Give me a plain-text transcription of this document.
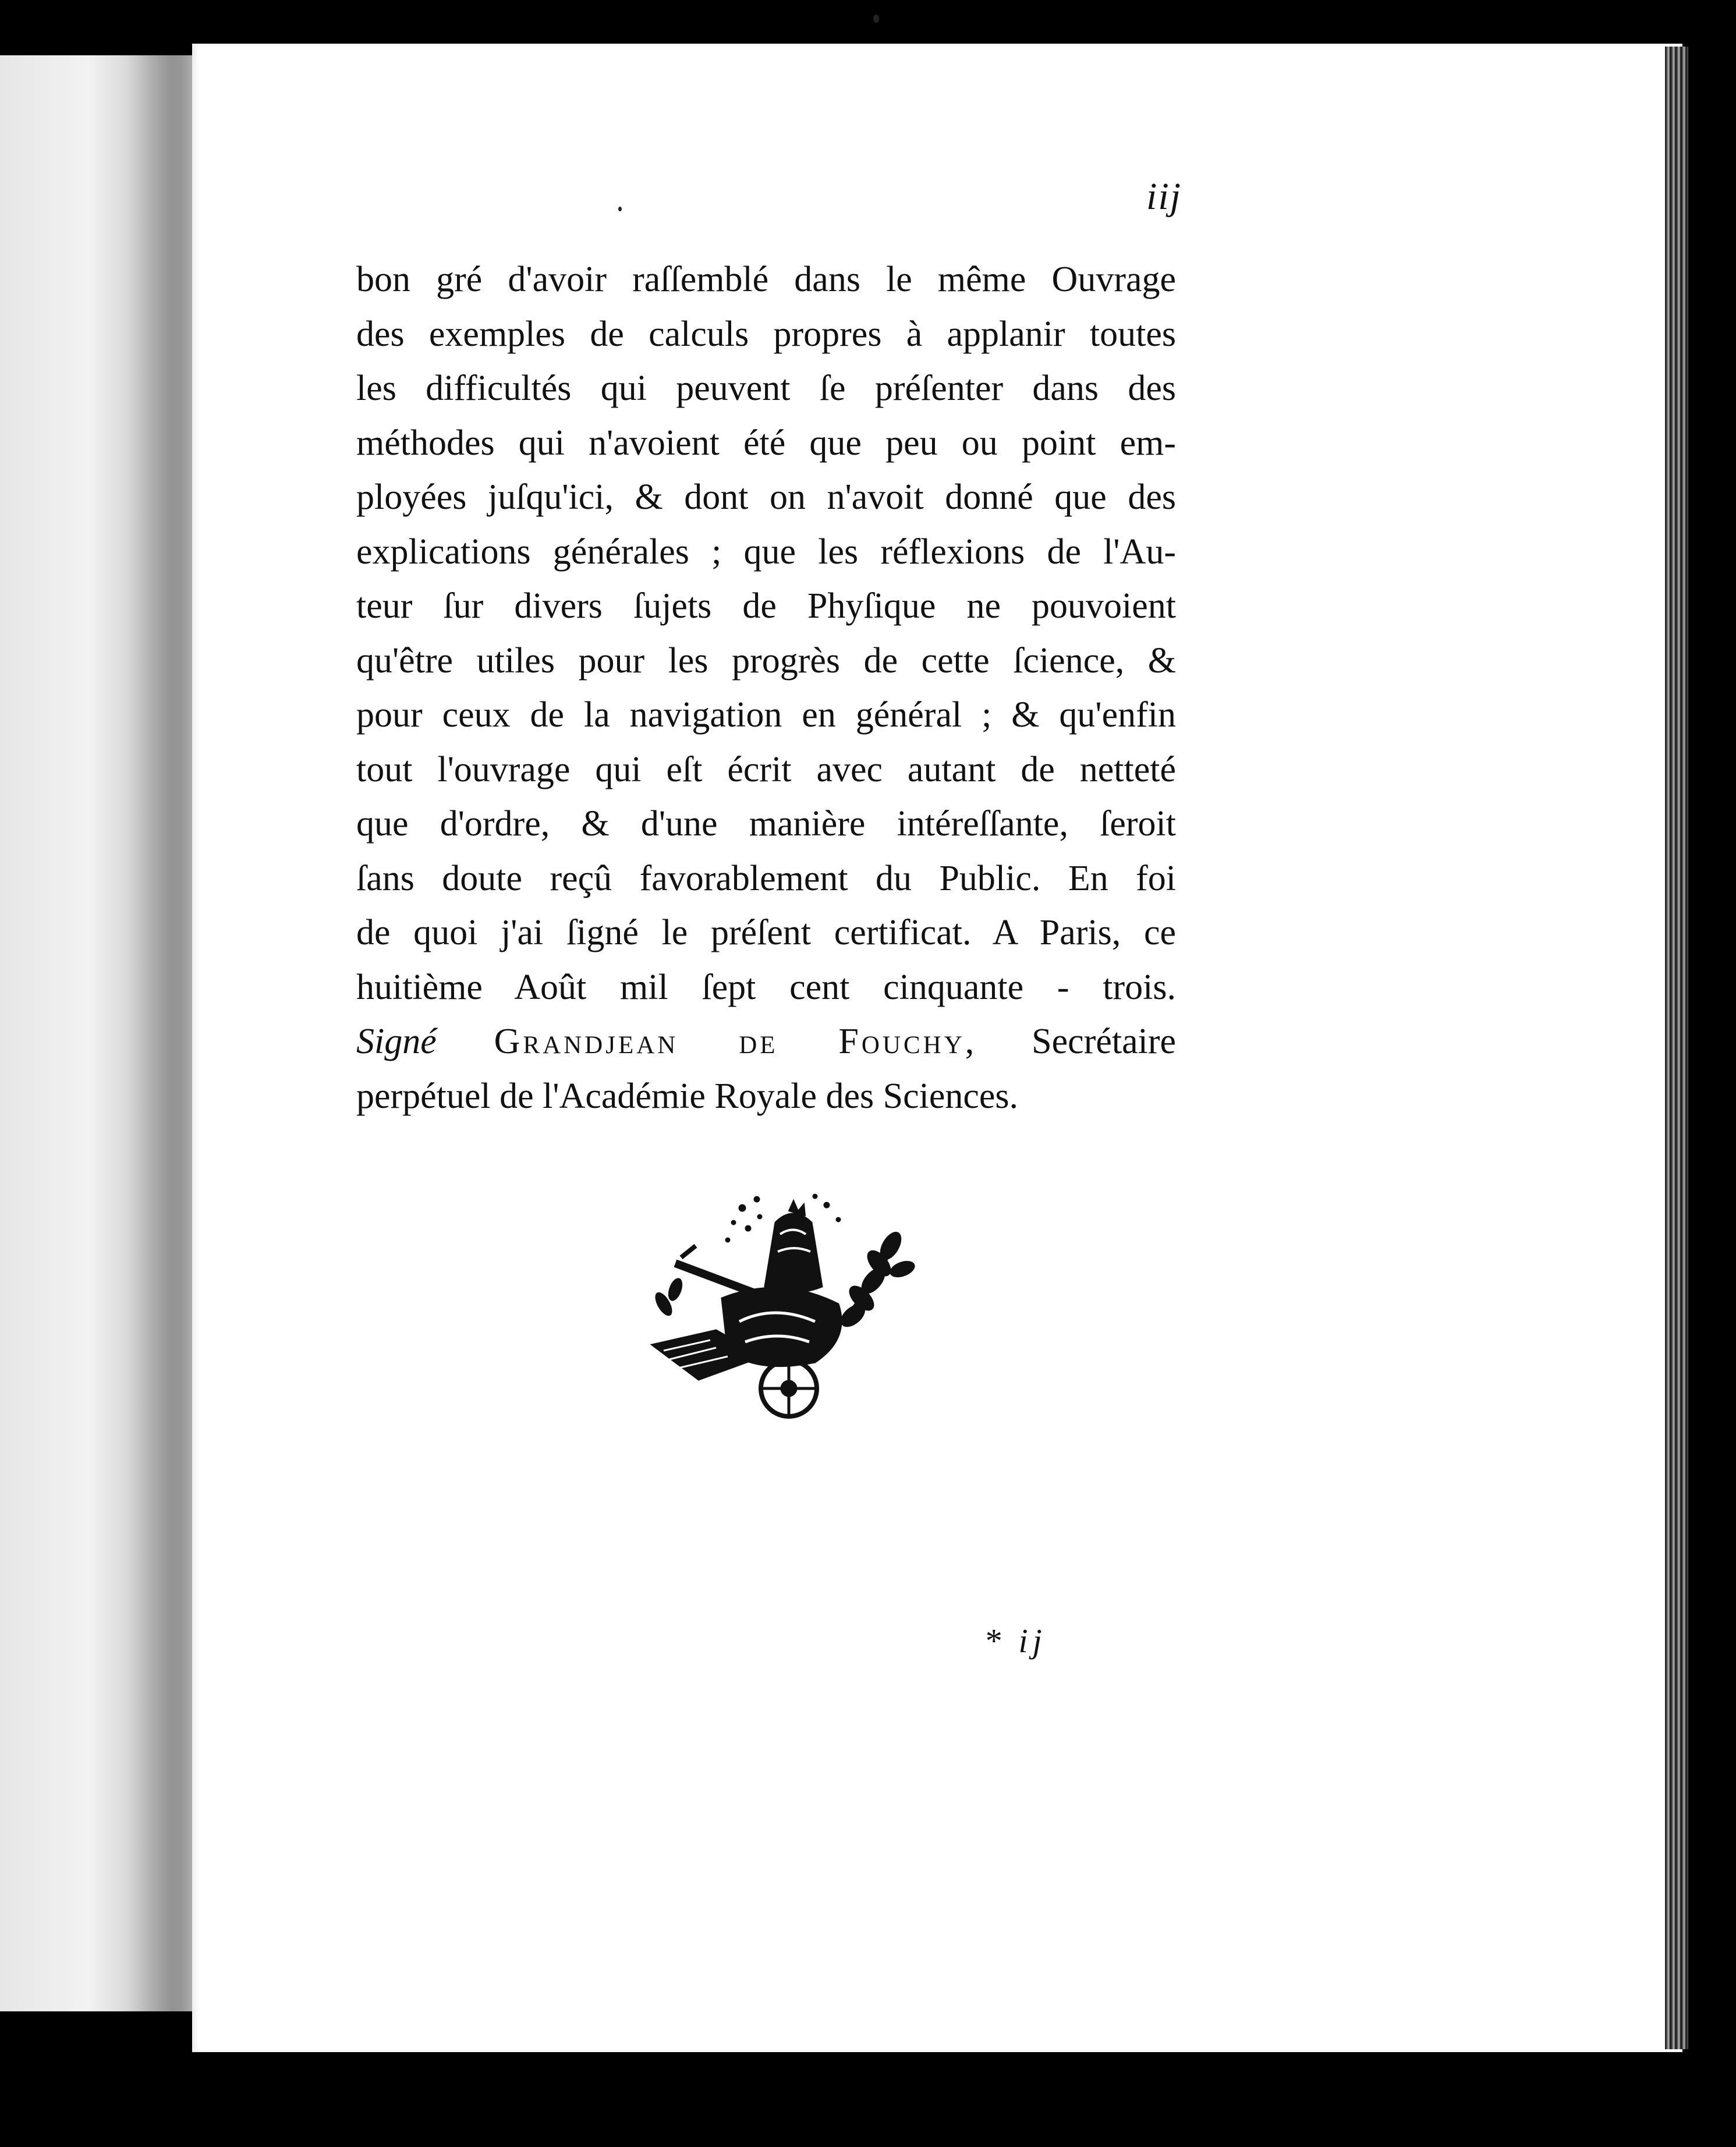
iij
bon gré d'avoir raſſemblé dans le même Ouvrage
des exemples de calculs propres à applanir toutes
les difficultés qui peuvent ſe préſenter dans des
méthodes qui n'avoient été que peu ou point em-
ployées juſqu'ici, & dont on n'avoit donné que des
explications générales ; que les réflexions de l'Au-
teur ſur divers ſujets de Phyſique ne pouvoient
qu'être utiles pour les progrès de cette ſcience, &
pour ceux de la navigation en général ; & qu'enfin
tout l'ouvrage qui eſt écrit avec autant de netteté
que d'ordre, & d'une manière intéreſſante, ſeroit
ſans doute reçû favorablement du Public. En foi
de quoi j'ai ſigné le préſent certificat. A Paris, ce
huitième Août mil ſept cent cinquante - trois.
Signé Grandjean de Fouchy, Secrétaire
perpétuel de l'Académie Royale des Sciences.
* ij
